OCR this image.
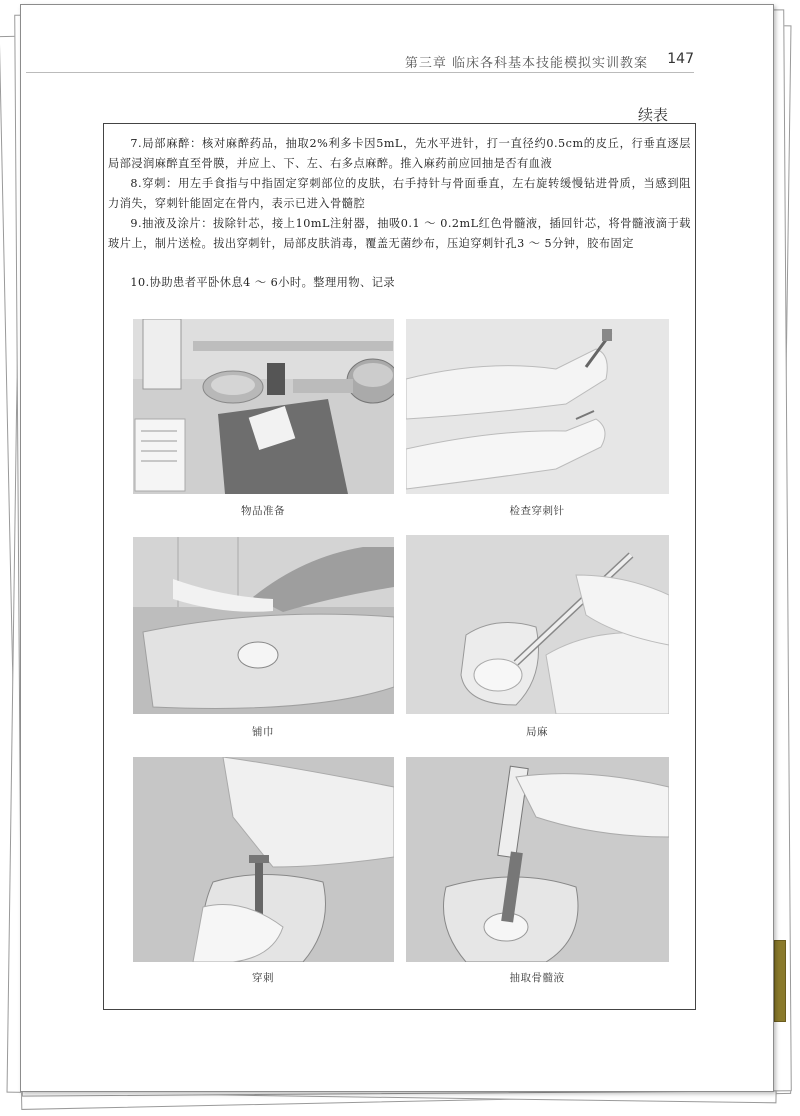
第三章 临床各科基本技能模拟实训教案 147
续表
7.局部麻醉：核对麻醉药品，抽取2%利多卡因5mL，先水平进针，打一直径约0.5cm的皮丘，行垂直逐层局部浸润麻醉直至骨膜，并应上、下、左、右多点麻醉。推入麻药前应回抽是否有血液
8.穿刺：用左手食指与中指固定穿刺部位的皮肤，右手持针与骨面垂直，左右旋转缓慢钻进骨质，当感到阻力消失，穿刺针能固定在骨内，表示已进入骨髓腔
9.抽液及涂片：拔除针芯，接上10mL注射器，抽吸0.1 ～ 0.2mL红色骨髓液，插回针芯，将骨髓液滴于载玻片上，制片送检。拔出穿刺针，局部皮肤消毒，覆盖无菌纱布，压迫穿刺针孔3 ～ 5分钟，胶布固定
10.协助患者平卧休息4 ～ 6小时。整理用物、记录
物品准备	检查穿刺针
铺巾	局麻
穿刺	抽取骨髓液
